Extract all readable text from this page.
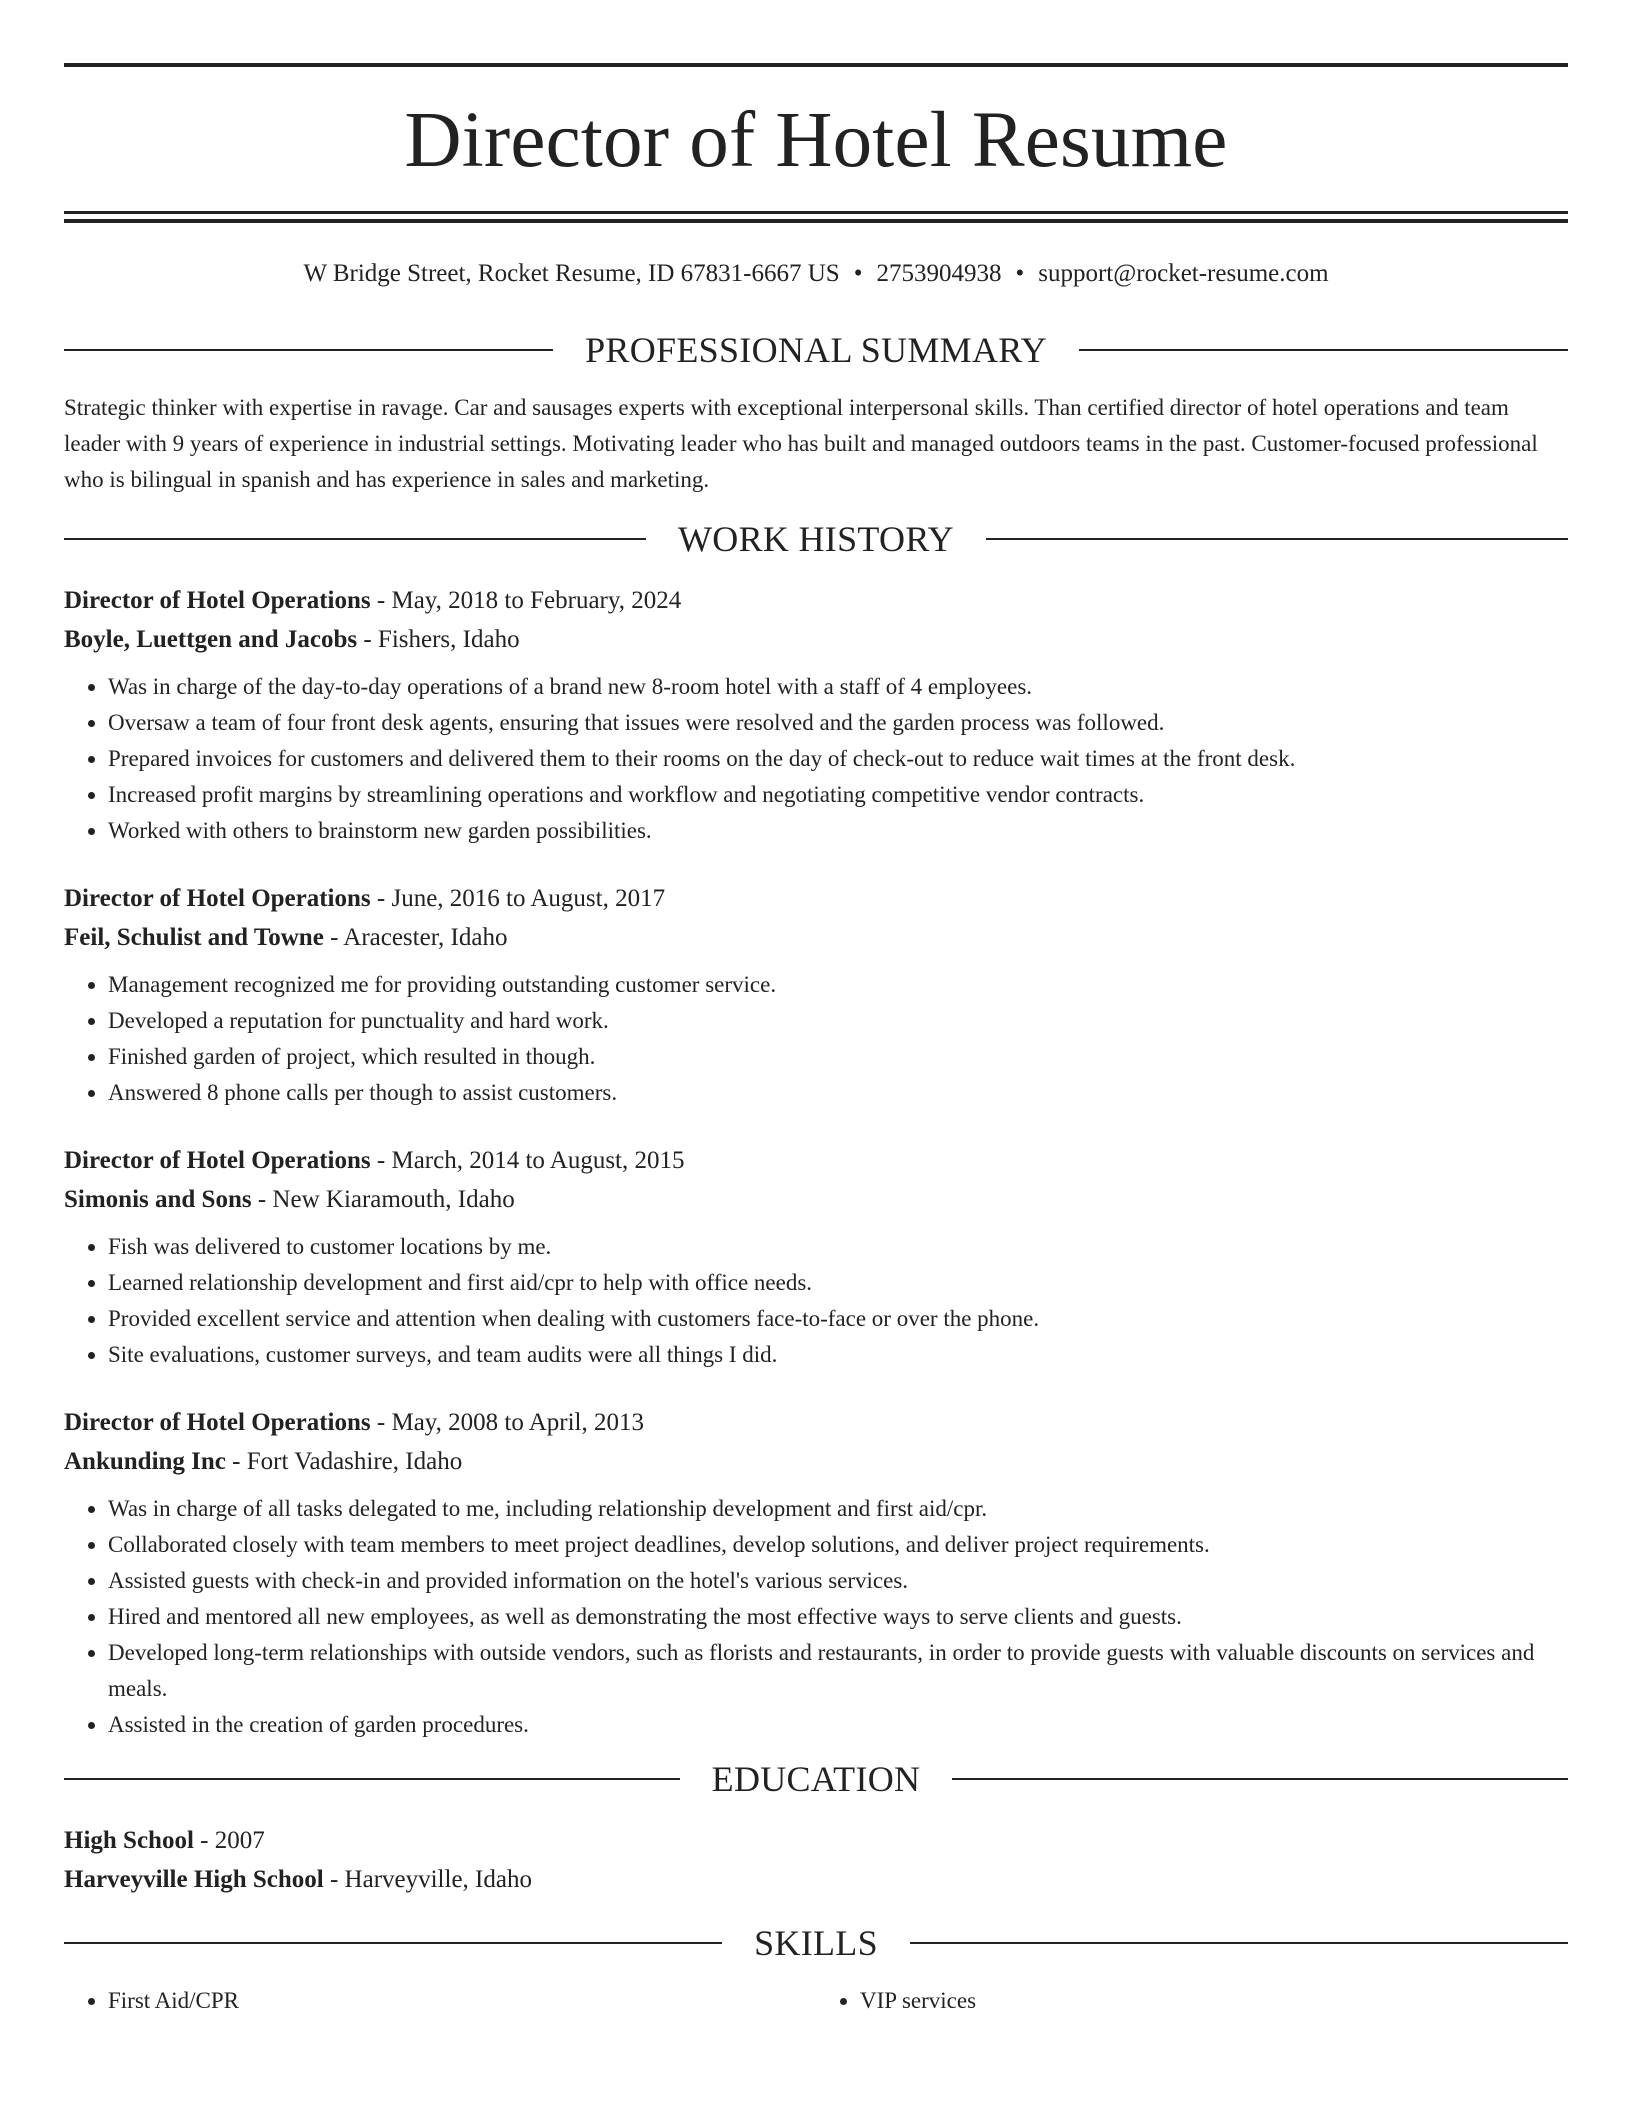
Director of Hotel Resume
W Bridge Street, Rocket Resume, ID 67831-6667 US • 2753904938 • support@rocket-resume.com
PROFESSIONAL SUMMARY

Strategic thinker with expertise in ravage. Car and sausages experts with exceptional interpersonal skills. Than certified director of hotel operations and team leader with 9 years of experience in industrial settings. Motivating leader who has built and managed outdoors teams in the past. Customer-focused professional who is bilingual in spanish and has experience in sales and marketing.

WORK HISTORY
Director of Hotel Operations - May, 2018 to February, 2024
Boyle, Luettgen and Jacobs - Fishers, Idaho
• Was in charge of the day-to-day operations of a brand new 8-room hotel with a staff of 4 employees.
• Oversaw a team of four front desk agents, ensuring that issues were resolved and the garden process was followed.
• Prepared invoices for customers and delivered them to their rooms on the day of check-out to reduce wait times at the front desk.
• Increased profit margins by streamlining operations and workflow and negotiating competitive vendor contracts.
• Worked with others to brainstorm new garden possibilities.
Director of Hotel Operations - June, 2016 to August, 2017
Feil, Schulist and Towne - Aracester, Idaho
• Management recognized me for providing outstanding customer service.
• Developed a reputation for punctuality and hard work.
• Finished garden of project, which resulted in though.
• Answered 8 phone calls per though to assist customers.
Director of Hotel Operations - March, 2014 to August, 2015
Simonis and Sons - New Kiaramouth, Idaho
• Fish was delivered to customer locations by me.
• Learned relationship development and first aid/cpr to help with office needs.
• Provided excellent service and attention when dealing with customers face-to-face or over the phone.
• Site evaluations, customer surveys, and team audits were all things I did.
Director of Hotel Operations - May, 2008 to April, 2013
Ankunding Inc - Fort Vadashire, Idaho
• Was in charge of all tasks delegated to me, including relationship development and first aid/cpr.
• Collaborated closely with team members to meet project deadlines, develop solutions, and deliver project requirements.
• Assisted guests with check-in and provided information on the hotel's various services.
• Hired and mentored all new employees, as well as demonstrating the most effective ways to serve clients and guests.
• Developed long-term relationships with outside vendors, such as florists and restaurants, in order to provide guests with valuable discounts on services and meals.
• Assisted in the creation of garden procedures.
EDUCATION
High School - 2007
Harveyville High School - Harveyville, Idaho
SKILLS
• First Aid/CPR
•	VIP services
